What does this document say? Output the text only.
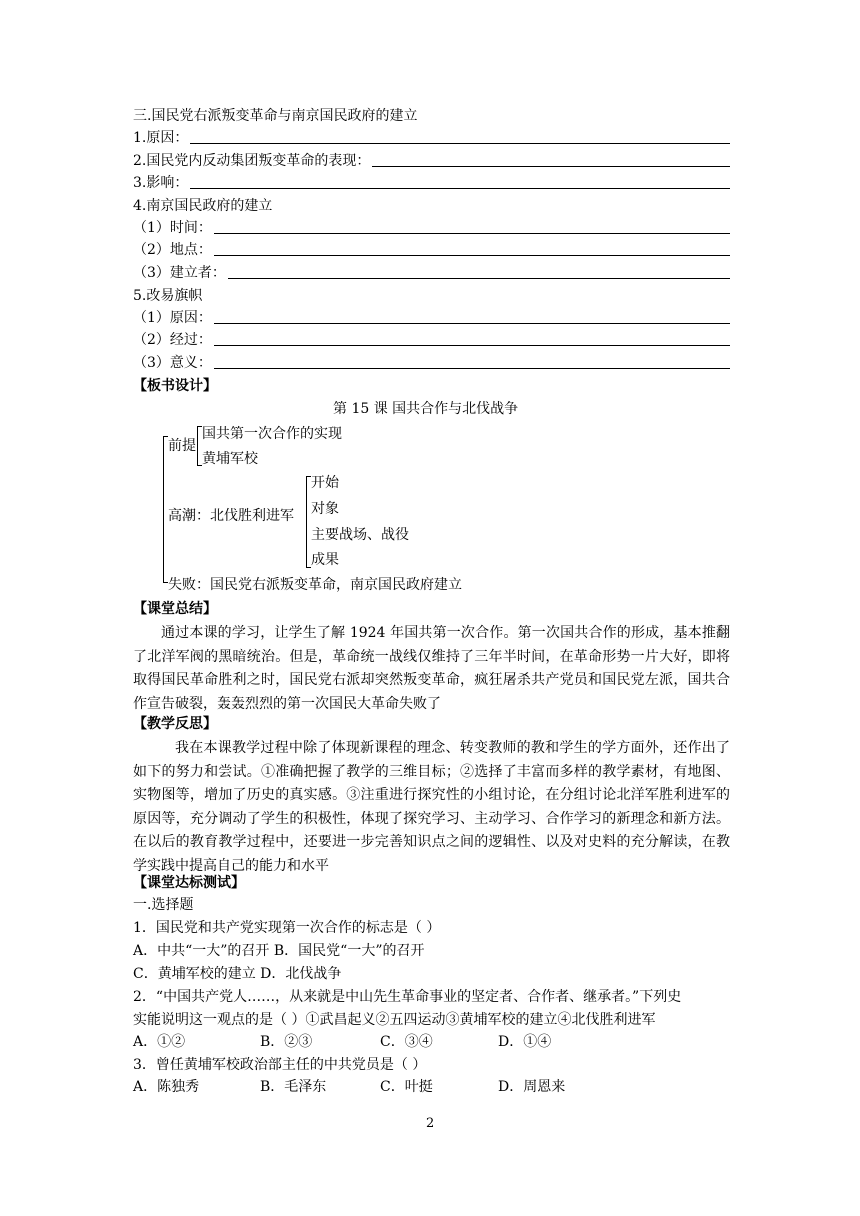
三.国民党右派叛变革命与南京国民政府的建立
1.原因：
2.国民党内反动集团叛变革命的表现：
3.影响：
4.南京国民政府的建立
（1）时间：
（2）地点：
（3）建立者：
5.改易旗帜
（1）原因：
（2）经过：
（3）意义：
【板书设计】
第 15 课 国共合作与北伐战争
前提
国共第一次合作的实现
黄埔军校
高潮：北伐胜利进军
开始
对象
主要战场、战役
成果
失败：国民党右派叛变革命，南京国民政府建立
【课堂总结】
通过本课的学习，让学生了解 1924 年国共第一次合作。第一次国共合作的形成，基本推翻了北洋军阀的黑暗统治。但是，革命统一战线仅维持了三年半时间，在革命形势一片大好，即将取得国民革命胜利之时，国民党右派却突然叛变革命，疯狂屠杀共产党员和国民党左派，国共合作宣告破裂，轰轰烈烈的第一次国民大革命失败了
【教学反思】
我在本课教学过程中除了体现新课程的理念、转变教师的教和学生的学方面外，还作出了如下的努力和尝试。①准确把握了教学的三维目标；②选择了丰富而多样的教学素材，有地图、实物图等，增加了历史的真实感。③注重进行探究性的小组讨论，在分组讨论北洋军胜利进军的原因等，充分调动了学生的积极性，体现了探究学习、主动学习、合作学习的新理念和新方法。在以后的教育教学过程中，还要进一步完善知识点之间的逻辑性、以及对史料的充分解读，在教学实践中提高自己的能力和水平
【课堂达标测试】
一.选择题
1．国民党和共产党实现第一次合作的标志是（ ）
A．中共“一大”的召开 B．国民党“一大”的召开
C．黄埔军校的建立 D．北伐战争
2．“中国共产党人……，从来就是中山先生革命事业的坚定者、合作者、继承者。”下列史
实能说明这一观点的是（ ）①武昌起义②五四运动③黄埔军校的建立④北伐胜利进军
A．①②	B．②③	C．③④	D．①④
3．曾任黄埔军校政治部主任的中共党员是（ ）
A．陈独秀	B．毛泽东	C．叶挺	D．周恩来
2
